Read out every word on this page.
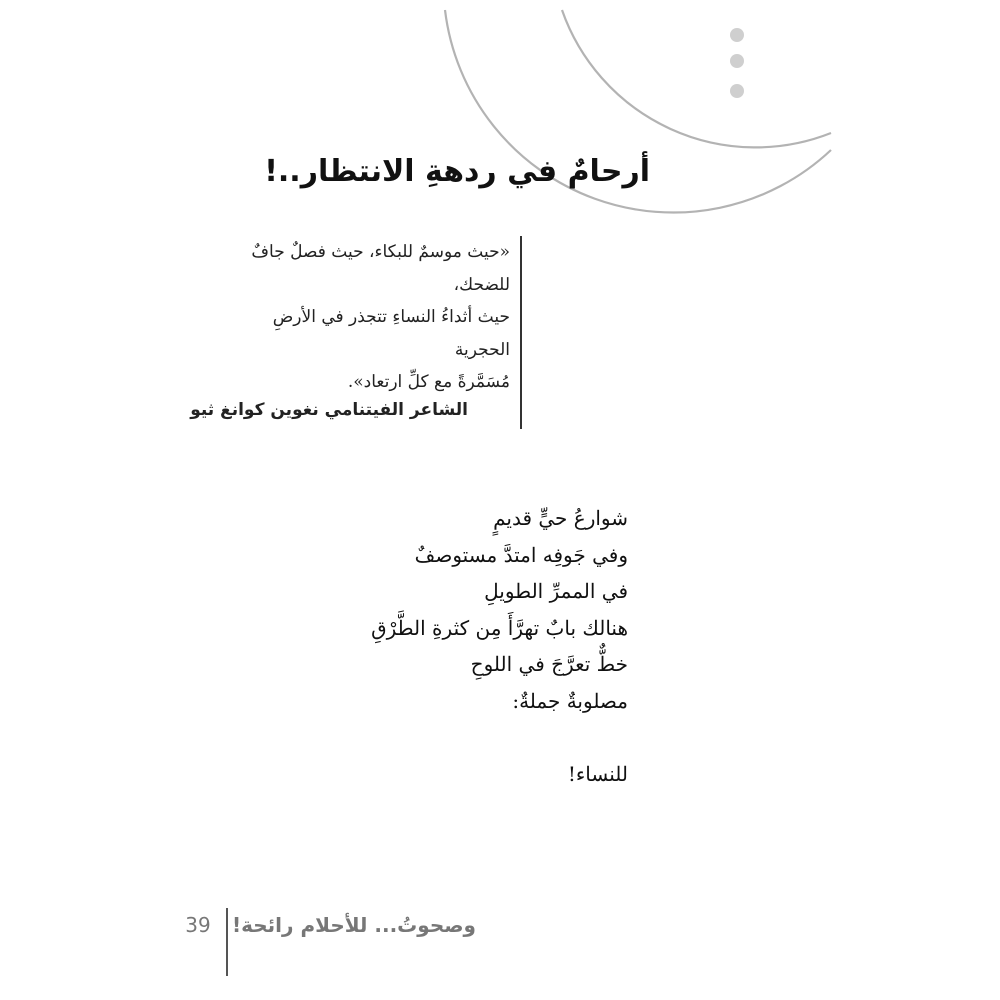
أرحامٌ في ردهةِ الانتظار..!
«حيث موسمٌ للبكاء، حيث فصلٌ جافٌ
للضحك،
حيث أثداءُ النساءِ تتجذر في الأرضِ
الحجرية
مُسَمَّرةً مع كلِّ ارتعاد».
الشاعر الفيتنامي نغوين كوانغ ثيو
شوارعُ حيٍّ قديمٍ
وفي جَوفِه امتدَّ مستوصفٌ
في الممرِّ الطويلِ
هنالك بابٌ تهرَّأَ مِن كثرةِ الطَّرْقِ
خطٌّ تعرَّجَ في اللوحِ
مصلوبةٌ جملةٌ:
للنساء!
39 وصحوتُ... للأحلام رائحة!
